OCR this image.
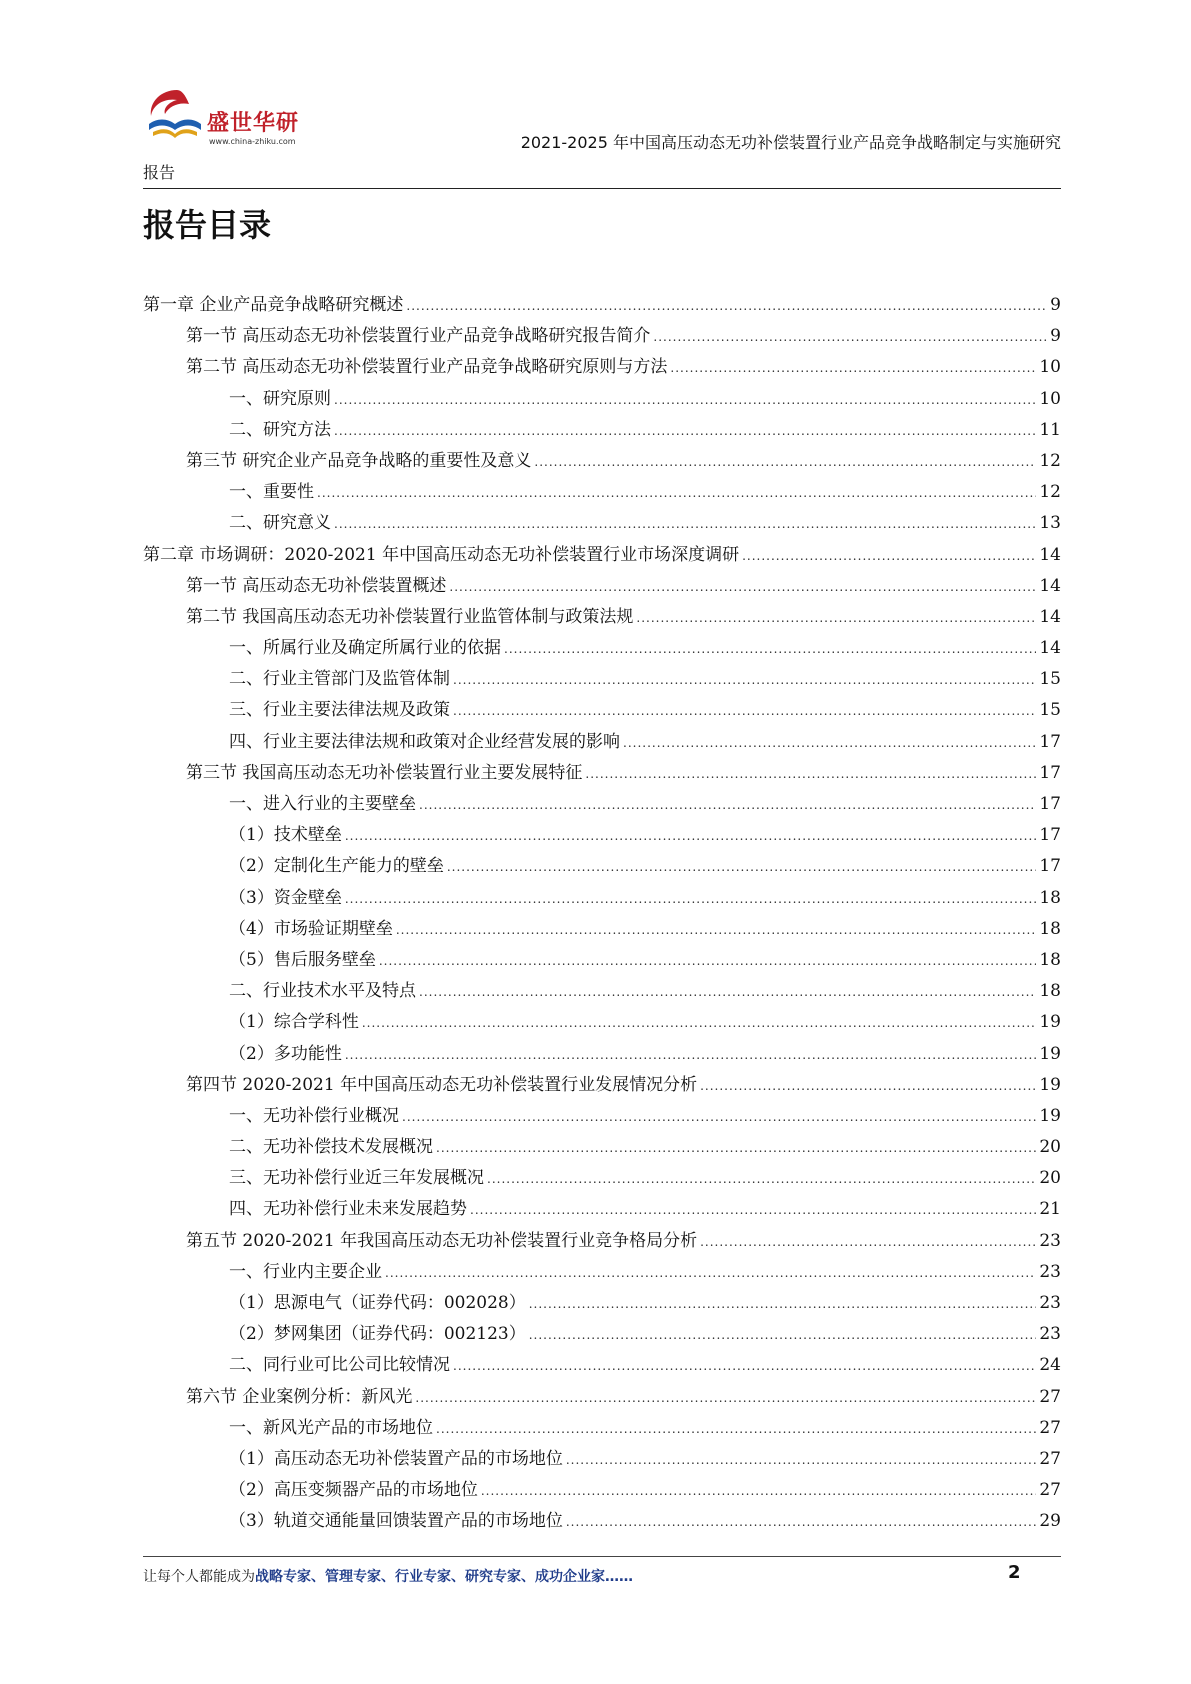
盛世华研
www.china-zhiku.com	2021-2025 年中国高压动态无功补偿装置行业产品竞争战略制定与实施研究
报告
报告目录
第一章 企业产品竞争战略研究概述 .....	9
第一节 高压动态无功补偿装置行业产品竞争战略研究报告简介 .....	9
第二节 高压动态无功补偿装置行业产品竞争战略研究原则与方法 .....	10
一、研究原则 .....	10
二、研究方法 .....	11
第三节 研究企业产品竞争战略的重要性及意义 .....	12
一、重要性 .....	12
二、研究意义 .....	13
第二章 市场调研：2020-2021 年中国高压动态无功补偿装置行业市场深度调研 .....	14
第一节 高压动态无功补偿装置概述 .....	14
第二节 我国高压动态无功补偿装置行业监管体制与政策法规 .....	14
一、所属行业及确定所属行业的依据 .....	14
二、行业主管部门及监管体制 .....	15
三、行业主要法律法规及政策 .....	15
四、行业主要法律法规和政策对企业经营发展的影响 .....	17
第三节 我国高压动态无功补偿装置行业主要发展特征 .....	17
一、进入行业的主要壁垒 .....	17
（1）技术壁垒 .....	17
（2）定制化生产能力的壁垒 .....	17
（3）资金壁垒 .....	18
（4）市场验证期壁垒 .....	18
（5）售后服务壁垒 .....	18
二、行业技术水平及特点 .....	18
（1）综合学科性 .....	19
（2）多功能性 .....	19
第四节 2020-2021 年中国高压动态无功补偿装置行业发展情况分析 .....	19
一、无功补偿行业概况 .....	19
二、无功补偿技术发展概况 .....	20
三、无功补偿行业近三年发展概况 .....	20
四、无功补偿行业未来发展趋势 .....	21
第五节 2020-2021 年我国高压动态无功补偿装置行业竞争格局分析 .....	23
一、行业内主要企业 .....	23
（1）思源电气（证券代码：002028） .....	23
（2）梦网集团（证券代码：002123） .....	23
二、同行业可比公司比较情况 .....	24
第六节 企业案例分析：新风光 .....	27
一、新风光产品的市场地位 .....	27
（1）高压动态无功补偿装置产品的市场地位 .....	27
（2）高压变频器产品的市场地位 .....	27
（3）轨道交通能量回馈装置产品的市场地位 .....	29
让每个人都能成为战略专家、管理专家、行业专家、研究专家、成功企业家……	2
